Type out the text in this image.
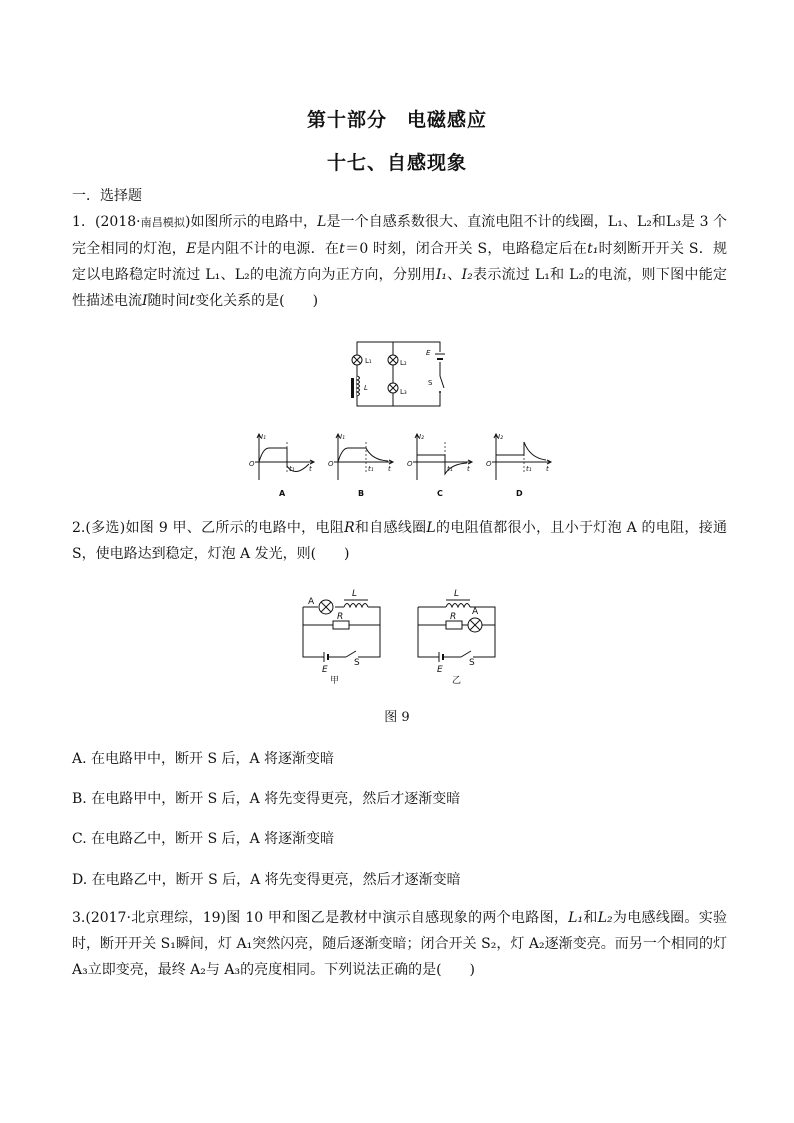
第十部分　电磁感应
十七、自感现象
一．选择题
1．(2018·南昌模拟)如图所示的电路中，L是一个自感系数很大、直流电阻不计的线圈，L₁、L₂和L₃是 3 个完全相同的灯泡，E是内阻不计的电源．在t＝0 时刻，闭合开关 S，电路稳定后在t₁时刻断开开关 S．规定以电路稳定时流过 L₁、L₂的电流方向为正方向，分别用I₁、I₂表示流过 L₁和 L₂的电流，则下图中能定性描述电流I随时间t变化关系的是(　　)
L₁	L₂
L₃
L
E
S
I₁
O
t₁ t
A
I₁
O
t₁ t
B
I₂
O
t₁ t
C
I₂
O
t₁ t
D
2.(多选)如图 9 甲、乙所示的电路中，电阻R和自感线圈L的电阻值都很小，且小于灯泡 A 的电阻，接通 S，使电路达到稳定，灯泡 A 发光，则(　　)
A
L
R
E
S
甲
A
L
R
E
S
乙
图 9
A. 在电路甲中，断开 S 后，A 将逐渐变暗
B. 在电路甲中，断开 S 后，A 将先变得更亮，然后才逐渐变暗
C. 在电路乙中，断开 S 后，A 将逐渐变暗
D. 在电路乙中，断开 S 后，A 将先变得更亮，然后才逐渐变暗
3.(2017·北京理综，19)图 10 甲和图乙是教材中演示自感现象的两个电路图，L₁和L₂为电感线圈。实验时，断开开关 S₁瞬间，灯 A₁突然闪亮，随后逐渐变暗；闭合开关 S₂，灯 A₂逐渐变亮。而另一个相同的灯 A₃立即变亮，最终 A₂与 A₃的亮度相同。下列说法正确的是(　　)
